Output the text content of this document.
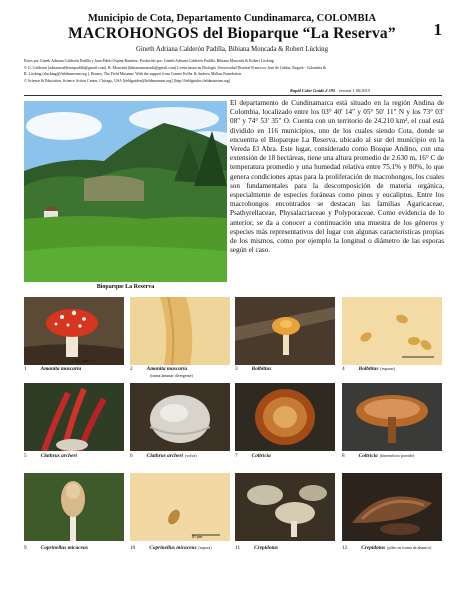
Municipio de Cota, Departamento Cundinamarca, COLOMBIA
MACROHONGOS del Bioparque “La Reserva”	1
Gineth Adriana Calderón Padilla, Bibiana Moncada & Robert Lücking
Fotos por Gineth Adriana Calderón Padilla y Juan Pablo Ospina Ramírez. Producido por: Gineth Adriana Calderón Padilla, Bibiana Moncada & Robert Lücking
© G. Calderón [adrianacalderonpadilla@gmail.com], B. Moncada (bibianamoncada@gmail.com) Licenciatura en Biología, Universidad Distrital Francisco José de Caldas, Bogotá - Colombia &
R. Lücking (rlucking@fieldmuseum.org ), Botany, The Field Museum. With the support from Connie Keller & Andrew Mellon Foundation.
© Science & Education, Science Action Center, Chicago, USA [fieldguides@fieldmuseum.org] [http://fieldguides.fieldmuseum.org]
Rapid Color Guide # 595 version 1 06/2015
Bioparque La Reserva
El departamento de Cundinamarca está situado en la región Andina de Colombia, localizado entre los 03° 40′ 14″ y 05° 50′ 11″ N y los 73° 03′ 08″ y 74° 53′ 35″ O. Cuenta con un territorio de 24.210 km², el cual está dividido en 116 municipios, uno de los cuales siendo Cota, donde se encuentra el Bioparque La Reserva, ubicado al sur del municipio en la Vereda El Abra. Este lugar, considerado como Bosque Andino, con una extensión de 18 hectáreas, tiene una altura promedio de 2.630 m, 16° C de temperatura promedio y una humedad relativa entre 75.1% y 80%, lo que genera condiciones aptas para la proliferación de macrohongos, los cuales son fundamentales para la descomposición de materia orgánica, especialmente de especies foráneas como pinos y eucaliptus. Entre los macrohongos encontrados se destacan las familias Agaricaceae, Psathyrellaceae, Physalacriaceae y Polyporaceae. Como evidencia de lo anterior, se da a conocer a continuación una muestra de los géneros y especies más representativos del lugar con algunas características propias de los mismos, como por ejemplo la longitud o diámetro de las esporas según el caso.
12,5μm
1	Amanita muscaria	2	Amanita muscaria
(trama laminar divergente)
3	Bolbitius	4	Bolbitius (esporas)
5	Clathrus archeri	6	Clathrus archeri (volva)	7	Coltricia	8	Coltricia (himenóforo poroide)
10 μm
9	Coprinellus micaceus	10	Coprinellus micaceus (espora)	11	Crepidotus	12	Crepidotus (píleo en forma de abanico)
